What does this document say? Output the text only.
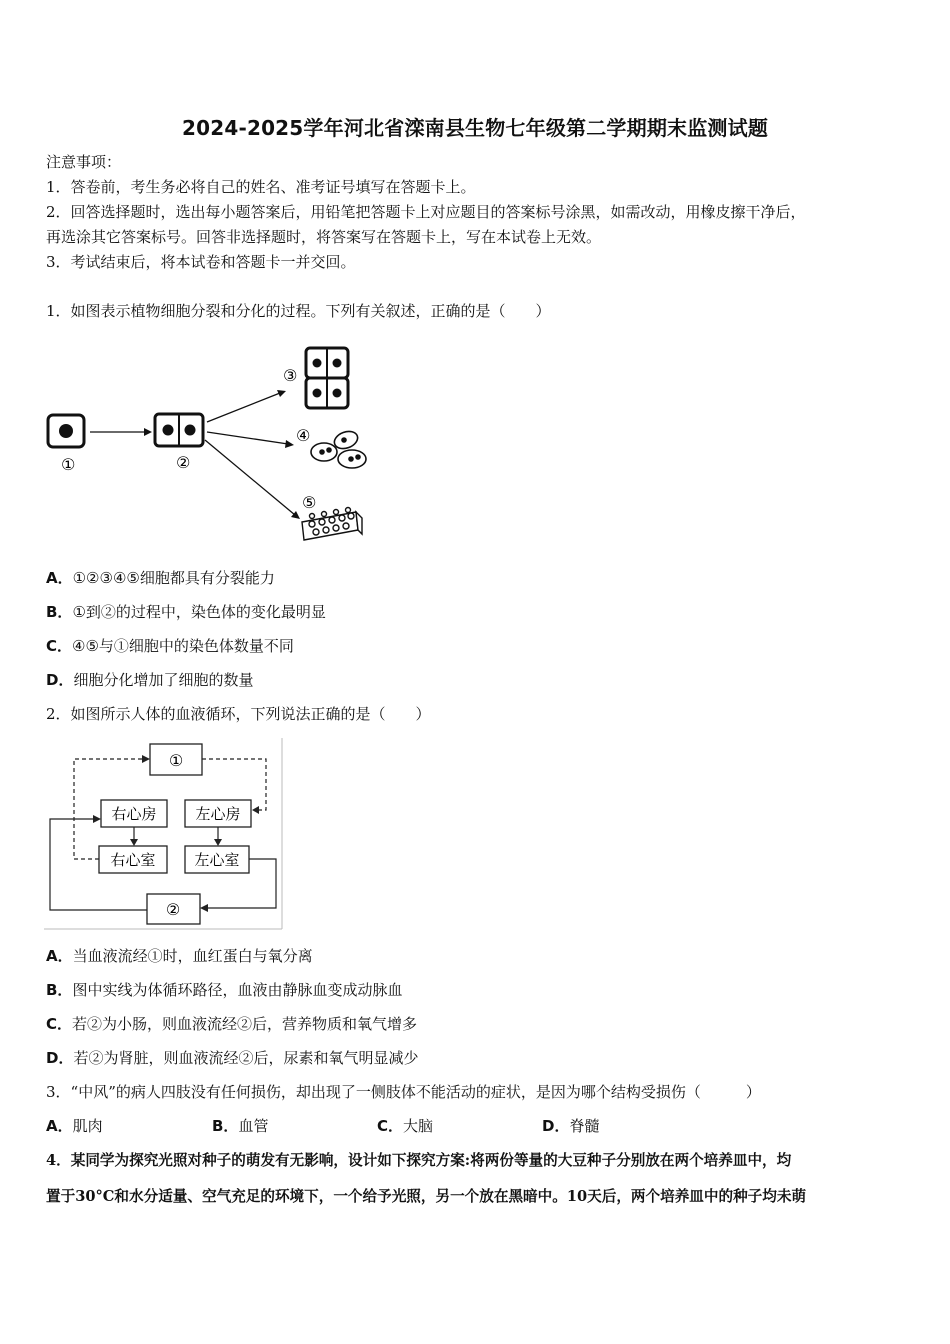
2024-2025学年河北省滦南县生物七年级第二学期期末监测试题
注意事项：
1．答卷前，考生务必将自己的姓名、准考证号填写在答题卡上。
2．回答选择题时，选出每小题答案后，用铅笔把答题卡上对应题目的答案标号涂黑，如需改动，用橡皮擦干净后，
再选涂其它答案标号。回答非选择题时，将答案写在答题卡上，写在本试卷上无效。
3．考试结束后，将本试卷和答题卡一并交回。
1．如图表示植物细胞分裂和分化的过程。下列有关叙述，正确的是（　　）
①	②
③
④
⑤
A．①②③④⑤细胞都具有分裂能力
B．①到②的过程中，染色体的变化最明显
C．④⑤与①细胞中的染色体数量不同
D．细胞分化增加了细胞的数量
2．如图所示人体的血液循环，下列说法正确的是（　　）
①
右心房	左心房
右心室	左心室
②
A．当血液流经①时，血红蛋白与氧分离
B．图中实线为体循环路径，血液由静脉血变成动脉血
C．若②为小肠，则血液流经②后，营养物质和氧气增多
D．若②为肾脏，则血液流经②后，尿素和氧气明显减少
3．“中风”的病人四肢没有任何损伤，却出现了一侧肢体不能活动的症状，是因为哪个结构受损伤（　　　）
A．肌肉	B．血管	C．大脑	D．脊髓
4．某同学为探究光照对种子的萌发有无影响，设计如下探究方案:将两份等量的大豆种子分别放在两个培养皿中，均
置于30°C和水分适量、空气充足的环境下，一个给予光照，另一个放在黑暗中。10天后，两个培养皿中的种子均未萌
